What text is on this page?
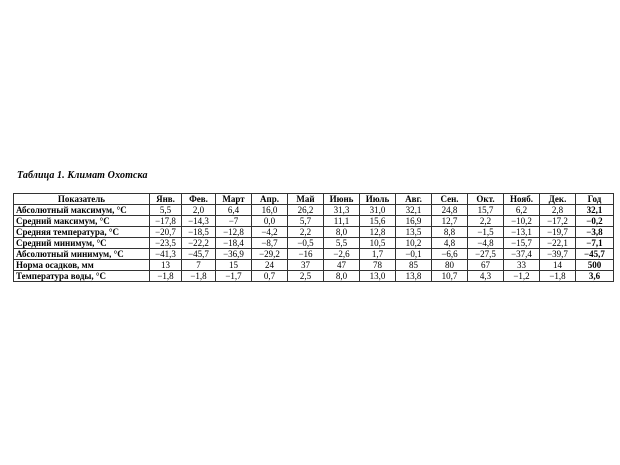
Таблица 1. Климат Охотска
Показатель	Янв.	Фев.	Март	Апр.	Май	Июнь	Июль	Авг.	Сен.	Окт.	Нояб.	Дек.	Год
Абсолютный максимум, °С	5,5	2,0	6,4	16,0	26,2	31,3	31,0	32,1	24,8	15,7	6,2	2,8	32,1
Средний максимум, °С	−17,8	−14,3	−7	0,0	5,7	11,1	15,6	16,9	12,7	2,2	−10,2	−17,2	−0,2
Средняя температура, °С	−20,7	−18,5	−12,8	−4,2	2,2	8,0	12,8	13,5	8,8	−1,5	−13,1	−19,7	−3,8
Средний минимум, °С	−23,5	−22,2	−18,4	−8,7	−0,5	5,5	10,5	10,2	4,8	−4,8	−15,7	−22,1	−7,1
Абсолютный минимум, °С	−41,3	−45,7	−36,9	−29,2	−16	−2,6	1,7	−0,1	−6,6	−27,5	−37,4	−39,7	−45,7
Норма осадков, мм	13	7	15	24	37	47	78	85	80	67	33	14	500
Температура воды, °С	−1,8	−1,8	−1,7	0,7	2,5	8,0	13,0	13,8	10,7	4,3	−1,2	−1,8	3,6
